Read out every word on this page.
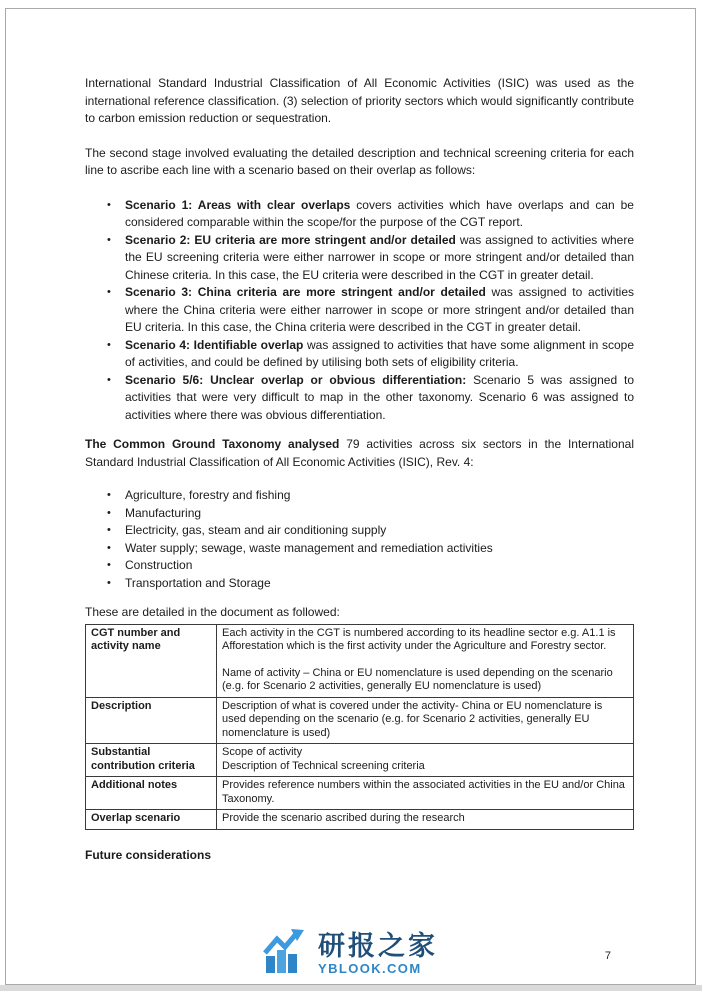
International Standard Industrial Classification of All Economic Activities (ISIC) was used as the international reference classification. (3) selection of priority sectors which would significantly contribute to carbon emission reduction or sequestration.

The second stage involved evaluating the detailed description and technical screening criteria for each line to ascribe each line with a scenario based on their overlap as follows:

•	Scenario 1: Areas with clear overlaps covers activities which have overlaps and can be considered comparable within the scope/for the purpose of the CGT report.
•	Scenario 2: EU criteria are more stringent and/or detailed was assigned to activities where the EU screening criteria were either narrower in scope or more stringent and/or detailed than Chinese criteria. In this case, the EU criteria were described in the CGT in greater detail.
•	Scenario 3: China criteria are more stringent and/or detailed was assigned to activities where the China criteria were either narrower in scope or more stringent and/or detailed than EU criteria. In this case, the China criteria were described in the CGT in greater detail.
•	Scenario 4: Identifiable overlap was assigned to activities that have some alignment in scope of activities, and could be defined by utilising both sets of eligibility criteria.
•	Scenario 5/6: Unclear overlap or obvious differentiation: Scenario 5 was assigned to activities that were very difficult to map in the other taxonomy. Scenario 6 was assigned to activities where there was obvious differentiation.

The Common Ground Taxonomy analysed 79 activities across six sectors in the International Standard Industrial Classification of All Economic Activities (ISIC), Rev. 4:

•	Agriculture, forestry and fishing
•	Manufacturing
•	Electricity, gas, steam and air conditioning supply
•	Water supply; sewage, waste management and remediation activities
•	Construction
•	Transportation and Storage

These are detailed in the document as followed:

CGT number and activity name	Each activity in the CGT is numbered according to its headline sector e.g. A1.1 is Afforestation which is the first activity under the Agriculture and Forestry sector.
Name of activity – China or EU nomenclature is used depending on the scenario (e.g. for Scenario 2 activities, generally EU nomenclature is used)

Description	Description of what is covered under the activity- China or EU nomenclature is used depending on the scenario (e.g. for Scenario 2 activities, generally EU nomenclature is used)

Substantial contribution criteria	Scope of activity
Description of Technical screening criteria

Additional notes	Provides reference numbers within the associated activities in the EU and/or China Taxonomy.

Overlap scenario	Provide the scenario ascribed during the research

Future considerations

研报之家
YBLOOK.COM
7
